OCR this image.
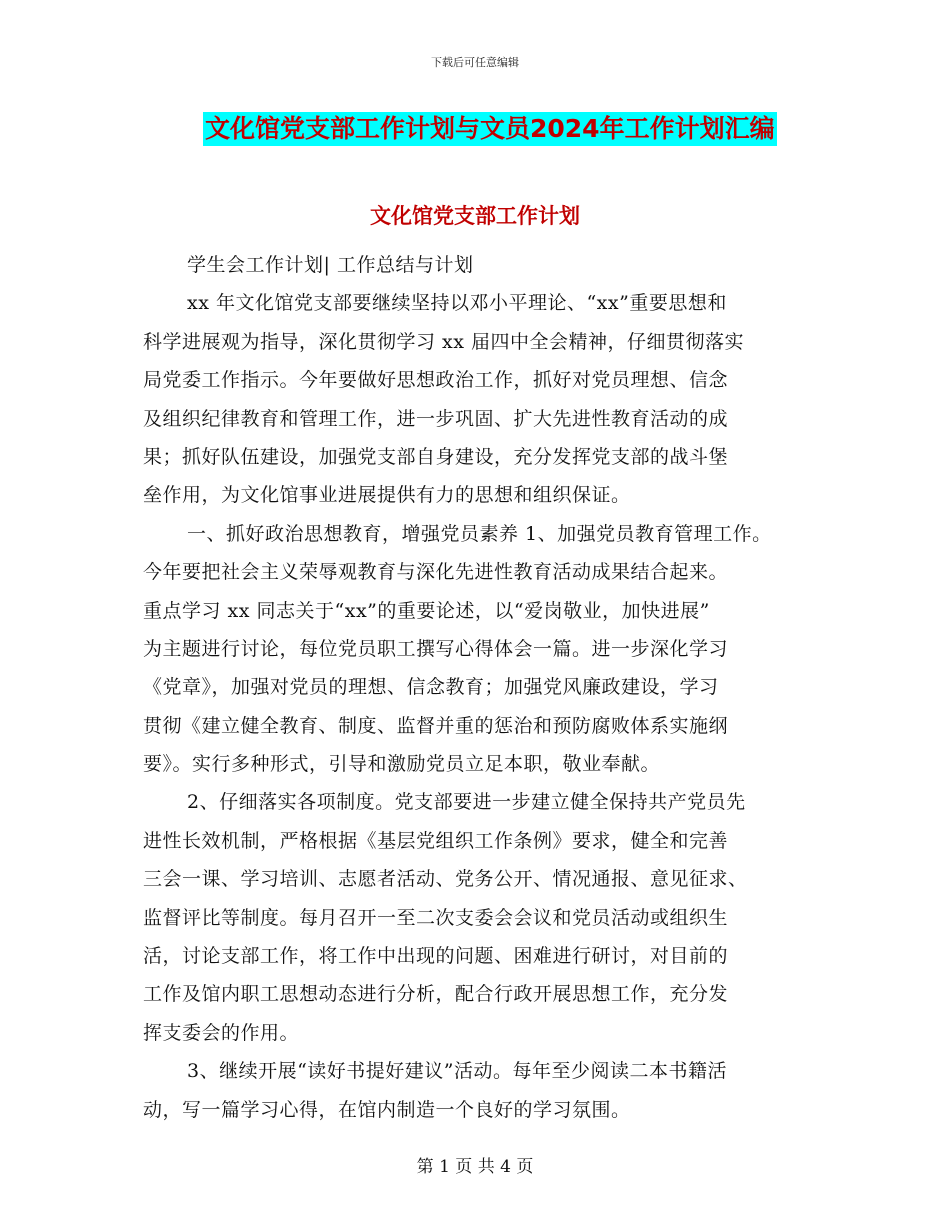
下载后可任意编辑
文化馆党支部工作计划与文员2024年工作计划汇编
文化馆党支部工作计划
学生会工作计划| 工作总结与计划
xx 年文化馆党支部要继续坚持以邓小平理论、“xx”重要思想和
科学进展观为指导，深化贯彻学习 xx 届四中全会精神，仔细贯彻落实
局党委工作指示。今年要做好思想政治工作，抓好对党员理想、信念
及组织纪律教育和管理工作，进一步巩固、扩大先进性教育活动的成
果；抓好队伍建设，加强党支部自身建设，充分发挥党支部的战斗堡
垒作用，为文化馆事业进展提供有力的思想和组织保证。
一、抓好政治思想教育，增强党员素养 1、加强党员教育管理工作。
今年要把社会主义荣辱观教育与深化先进性教育活动成果结合起来。
重点学习 xx 同志关于“xx”的重要论述，以“爱岗敬业，加快进展”
为主题进行讨论，每位党员职工撰写心得体会一篇。进一步深化学习
《党章》，加强对党员的理想、信念教育；加强党风廉政建设，学习
贯彻《建立健全教育、制度、监督并重的惩治和预防腐败体系实施纲
要》。实行多种形式，引导和激励党员立足本职，敬业奉献。
2、仔细落实各项制度。党支部要进一步建立健全保持共产党员先
进性长效机制，严格根据《基层党组织工作条例》要求，健全和完善
三会一课、学习培训、志愿者活动、党务公开、情况通报、意见征求、
监督评比等制度。每月召开一至二次支委会会议和党员活动或组织生
活，讨论支部工作，将工作中出现的问题、困难进行研讨，对目前的
工作及馆内职工思想动态进行分析，配合行政开展思想工作，充分发
挥支委会的作用。
3、继续开展“读好书提好建议”活动。每年至少阅读二本书籍活
动，写一篇学习心得，在馆内制造一个良好的学习氛围。
第 1 页 共 4 页
